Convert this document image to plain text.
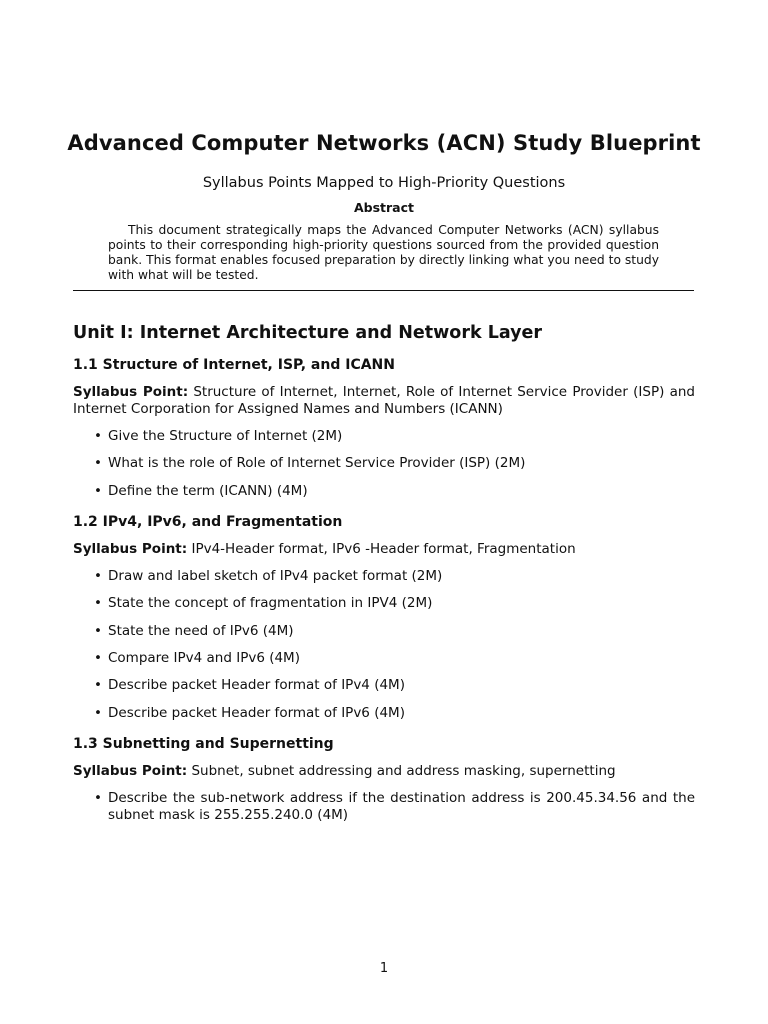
Advanced Computer Networks (ACN) Study Blueprint

Syllabus Points Mapped to High-Priority Questions

Abstract

This document strategically maps the Advanced Computer Networks (ACN) syllabus points to their corresponding high-priority questions sourced from the provided question bank. This format enables focused preparation by directly linking what you need to study with what will be tested.

Unit I: Internet Architecture and Network Layer
1.1 Structure of Internet, ISP, and ICANN

Syllabus Point: Structure of Internet, Internet, Role of Internet Service Provider (ISP) and Internet Corporation for Assigned Names and Numbers (ICANN)

• Give the Structure of Internet (2M)
• What is the role of Role of Internet Service Provider (ISP) (2M)
• Define the term (ICANN) (4M)
1.2 IPv4, IPv6, and Fragmentation

Syllabus Point: IPv4-Header format, IPv6 -Header format, Fragmentation

• Draw and label sketch of IPv4 packet format (2M)
• State the concept of fragmentation in IPV4 (2M)
• State the need of IPv6 (4M)
• Compare IPv4 and IPv6 (4M)
• Describe packet Header format of IPv4 (4M)
• Describe packet Header format of IPv6 (4M)
1.3 Subnetting and Supernetting

Syllabus Point: Subnet, subnet addressing and address masking, supernetting

• Describe the sub-network address if the destination address is 200.45.34.56 and the subnet mask is 255.255.240.0 (4M)

1
